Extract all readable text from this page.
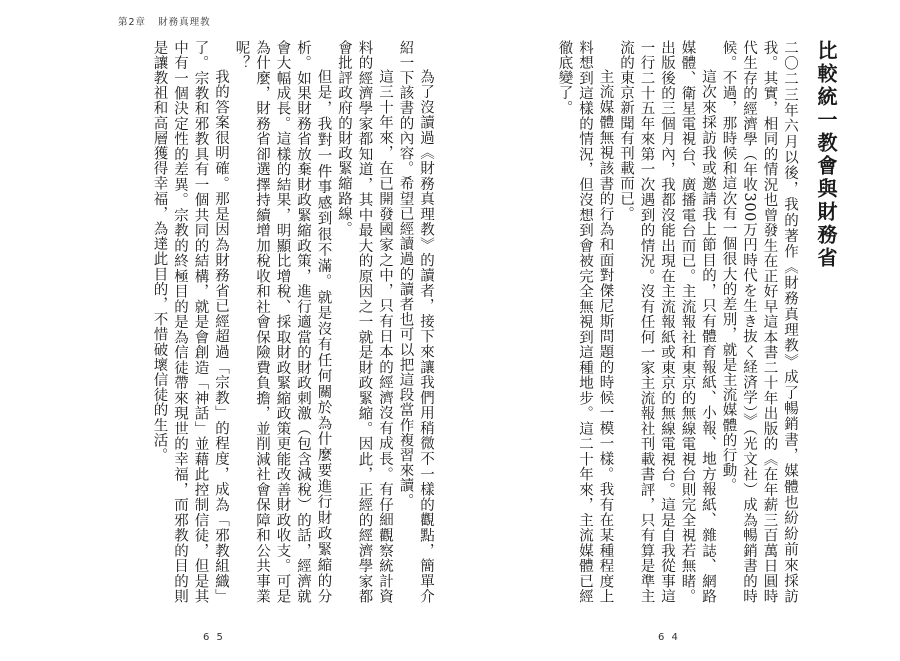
第2章 財務真理教

為了沒讀過《財務真理教》的讀者，接下來讓我們用稍微不一樣的觀點，簡單介紹一下該書的內容。希望已經讀過的讀者也可以把這段當作複習來讀。

這三十年來，在已開發國家之中，只有日本的經濟沒有成長。有仔細觀察統計資料的經濟學家都知道，其中最大的原因之一就是財政緊縮。因此，正經的經濟學家都會批評政府的財政緊縮路線。

但是，我對一件事感到很不滿。就是沒有任何關於為什麼要進行財政緊縮的分析。如果財務省放棄財政緊縮政策，進行適當的財政刺激（包含減稅）的話，經濟就會大幅成長。這樣的結果，明顯比增稅、採取財政緊縮政策更能改善財政收支。可是為什麼，財務省卻選擇持續增加稅收和社會保險費負擔，並削減社會保障和公共事業呢？

我的答案很明確。那是因為財務省已經超過「宗教」的程度，成為「邪教組織」了。宗教和邪教具有一個共同的結構，就是會創造「神話」並藉此控制信徒，但是其中有一個決定性的差異。宗教的終極目的是為信徒帶來現世的幸福，而邪教的目的則是讓教祖和高層獲得幸福，為達此目的，不惜破壞信徒的生活。

6 5
比較統一教會與財務省

二〇二三年六月以後，我的著作《財務真理教》成了暢銷書，媒體也紛紛前來採訪我。其實，相同的情況也曾發生在正好早這本書二十年出版的《在年薪三百萬日圓時代生存的經濟學（年收300万円時代を生き抜く経済学）》（光文社）成為暢銷書的時候。不過，那時候和這次有一個很大的差別，就是主流媒體的行動。

這次來採訪我或邀請我上節目的，只有體育報紙、小報、地方報紙、雜誌、網路媒體、衛星電視台、廣播電台而已。主流報社和東京的無線電視台則完全視若無睹。出版後的三個月內，我都沒能出現在主流報紙或東京的無線電視台。這是自我從事這一行二十五年來第一次遇到的情況。沒有任何一家主流報社刊載書評，只有算是準主流的東京新聞有刊載而已。

主流媒體無視該書的行為和面對傑尼斯問題的時候一模一樣。我有在某種程度上料想到這樣的情況，但沒想到會被完全無視到這種地步。這二十年來，主流媒體已經徹底變了。

6 4
